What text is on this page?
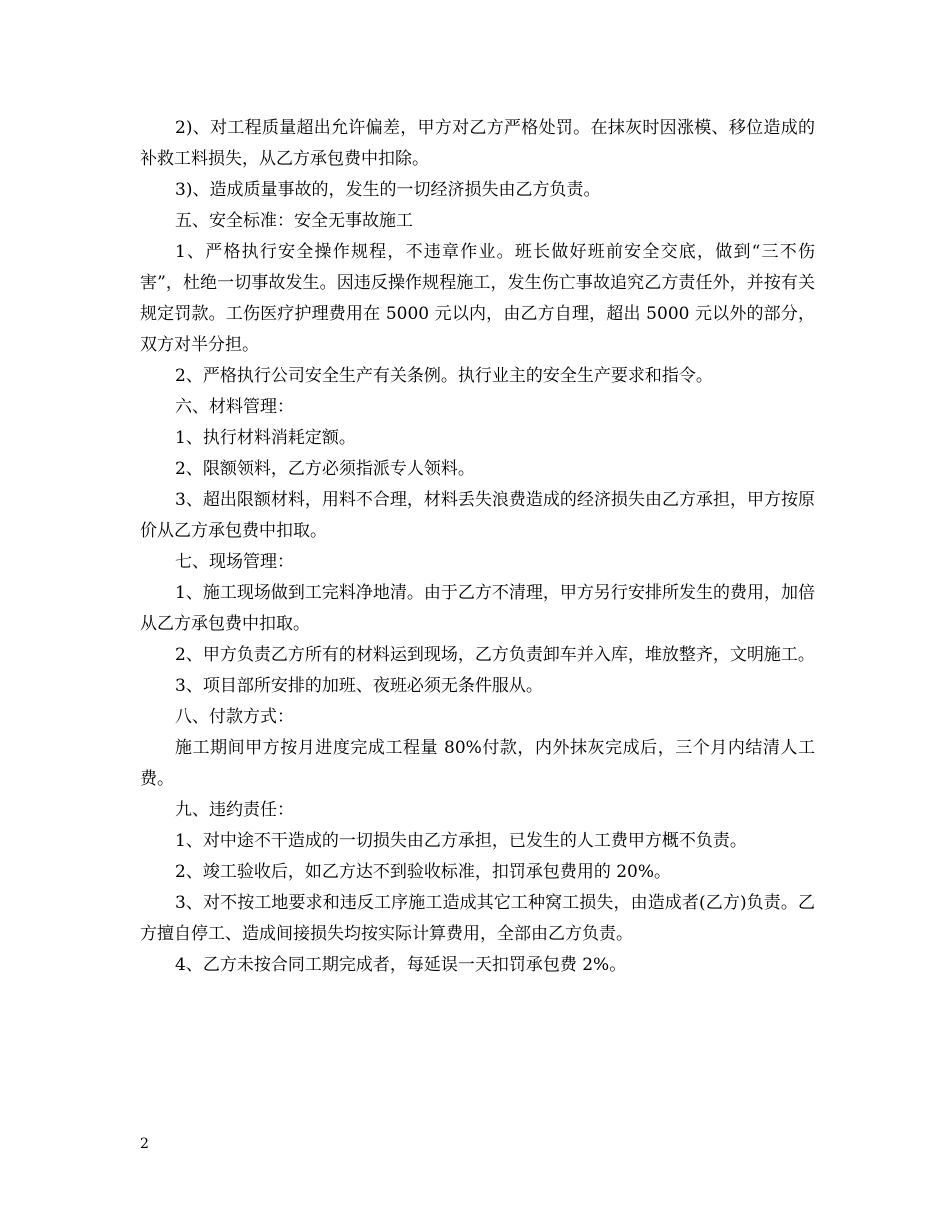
2)、对工程质量超出允许偏差，甲方对乙方严格处罚。在抹灰时因涨模、移位造成的补救工料损失，从乙方承包费中扣除。

3)、造成质量事故的，发生的一切经济损失由乙方负责。

五、安全标准：安全无事故施工

1、严格执行安全操作规程，不违章作业。班长做好班前安全交底，做到“三不伤害”，杜绝一切事故发生。因违反操作规程施工，发生伤亡事故追究乙方责任外，并按有关规定罚款。工伤医疗护理费用在 5000 元以内，由乙方自理，超出 5000 元以外的部分，双方对半分担。

2、严格执行公司安全生产有关条例。执行业主的安全生产要求和指令。

六、材料管理：

1、执行材料消耗定额。

2、限额领料，乙方必须指派专人领料。

3、超出限额材料，用料不合理，材料丢失浪费造成的经济损失由乙方承担，甲方按原价从乙方承包费中扣取。

七、现场管理：

1、施工现场做到工完料净地清。由于乙方不清理，甲方另行安排所发生的费用，加倍从乙方承包费中扣取。

2、甲方负责乙方所有的材料运到现场，乙方负责卸车并入库，堆放整齐，文明施工。

3、项目部所安排的加班、夜班必须无条件服从。

八、付款方式：

施工期间甲方按月进度完成工程量 80%付款，内外抹灰完成后，三个月内结清人工费。

九、违约责任：

1、对中途不干造成的一切损失由乙方承担，已发生的人工费甲方概不负责。

2、竣工验收后，如乙方达不到验收标准，扣罚承包费用的 20%。

3、对不按工地要求和违反工序施工造成其它工种窝工损失，由造成者(乙方)负责。乙方擅自停工、造成间接损失均按实际计算费用，全部由乙方负责。

4、乙方未按合同工期完成者，每延误一天扣罚承包费 2%。

2
